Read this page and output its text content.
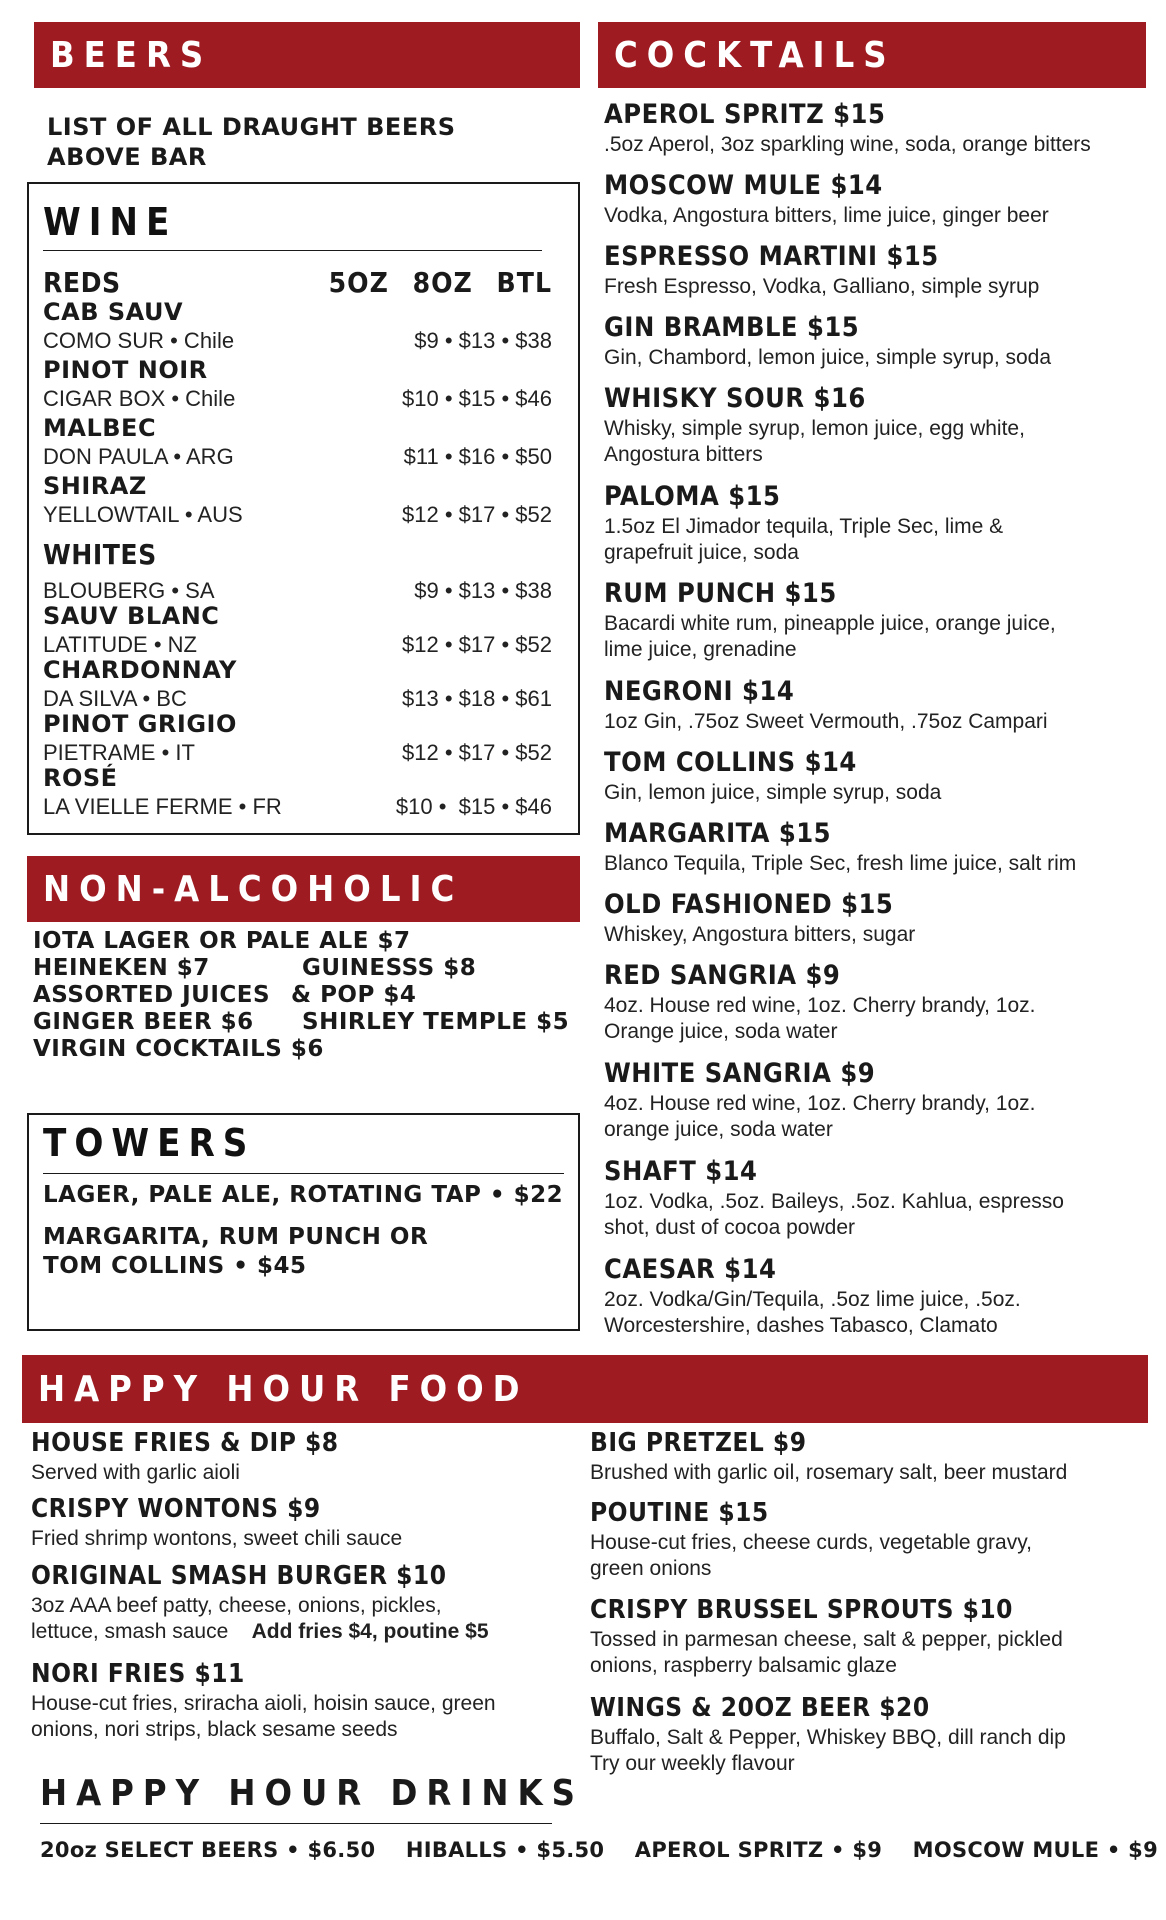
BEERS
LIST OF ALL DRAUGHT BEERS
ABOVE BAR
WINE
REDS	5OZ 8OZ BTL
CAB SAUV
COMO SUR • Chile	$9 • $13 • $38
PINOT NOIR
CIGAR BOX • Chile	$10 • $15 • $46
MALBEC
DON PAULA • ARG	$11 • $16 • $50
SHIRAZ
YELLOWTAIL • AUS	$12 • $17 • $52
WHITES
BLOUBERG • SA	$9 • $13 • $38
SAUV BLANC
LATITUDE • NZ	$12 • $17 • $52
CHARDONNAY
DA SILVA • BC	$13 • $18 • $61
PINOT GRIGIO
PIETRAME • IT	$12 • $17 • $52
ROSÉ
LA VIELLE FERME • FR	$10 •  $15 • $46
NON-ALCOHOLIC
IOTA LAGER OR PALE ALE $7
HEINEKEN $7	GUINESSS $8
ASSORTED JUICES & POP $4
GINGER BEER $6 SHIRLEY TEMPLE $5
VIRGIN COCKTAILS $6
TOWERS
LAGER, PALE ALE, ROTATING TAP • $22
MARGARITA, RUM PUNCH OR
TOM COLLINS • $45
COCKTAILS
APEROL SPRITZ $15
.5oz Aperol, 3oz sparkling wine, soda, orange bitters
MOSCOW MULE $14
Vodka, Angostura bitters, lime juice, ginger beer
ESPRESSO MARTINI $15
Fresh Espresso, Vodka, Galliano, simple syrup
GIN BRAMBLE $15
Gin, Chambord, lemon juice, simple syrup, soda
WHISKY SOUR $16
Whisky, simple syrup, lemon juice, egg white,
Angostura bitters
PALOMA $15
1.5oz El Jimador tequila, Triple Sec, lime &
grapefruit juice, soda
RUM PUNCH $15
Bacardi white rum, pineapple juice, orange juice,
lime juice, grenadine
NEGRONI $14
1oz Gin, .75oz Sweet Vermouth, .75oz Campari
TOM COLLINS $14
Gin, lemon juice, simple syrup, soda
MARGARITA $15
Blanco Tequila, Triple Sec, fresh lime juice, salt rim
OLD FASHIONED $15
Whiskey, Angostura bitters, sugar
RED SANGRIA $9
4oz. House red wine, 1oz. Cherry brandy, 1oz.
Orange juice, soda water
WHITE SANGRIA $9
4oz. House red wine, 1oz. Cherry brandy, 1oz.
orange juice, soda water
SHAFT $14
1oz. Vodka, .5oz. Baileys, .5oz. Kahlua, espresso
shot, dust of cocoa powder
CAESAR $14
2oz. Vodka/Gin/Tequila, .5oz lime juice, .5oz.
Worcestershire, dashes Tabasco, Clamato
HAPPY HOUR FOOD
HOUSE FRIES & DIP $8
Served with garlic aioli
CRISPY WONTONS $9
Fried shrimp wontons, sweet chili sauce
ORIGINAL SMASH BURGER $10
3oz AAA beef patty, cheese, onions, pickles,
lettuce, smash sauce Add fries $4, poutine $5
NORI FRIES $11
House-cut fries, sriracha aioli, hoisin sauce, green
onions, nori strips, black sesame seeds
BIG PRETZEL $9
Brushed with garlic oil, rosemary salt, beer mustard
POUTINE $15
House-cut fries, cheese curds, vegetable gravy,
green onions
CRISPY BRUSSEL SPROUTS $10
Tossed in parmesan cheese, salt & pepper, pickled
onions, raspberry balsamic glaze
WINGS & 20OZ BEER $20
Buffalo, Salt & Pepper, Whiskey BBQ, dill ranch dip
Try our weekly flavour
HAPPY HOUR DRINKS
20oz SELECT BEERS • $6.50    HIBALLS • $5.50    APEROL SPRITZ • $9    MOSCOW MULE • $9
